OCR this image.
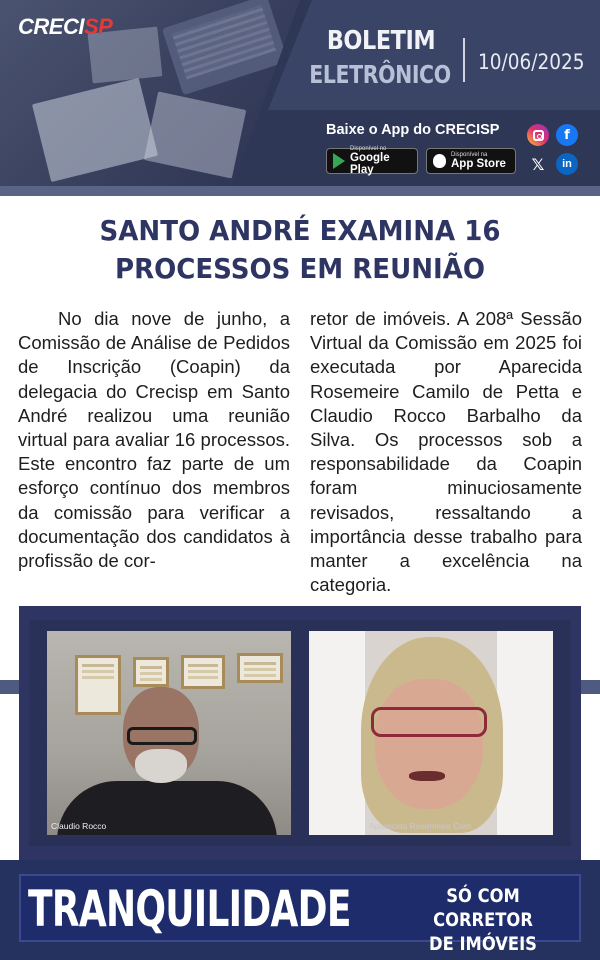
CRECISP	BOLETIM
ELETRÔNICO 10/06/2025
Baixe o App do CRECISP
Disponível no
Google Play
Disponível na
App Store
f
𝕏	in
SANTO ANDRÉ EXAMINA 16
PROCESSOS EM REUNIÃO
No dia nove de junho, a Comissão de Análise de Pedidos de Inscrição (Coapin) da delegacia do Crecisp em Santo André realizou uma reunião virtual para avaliar 16 processos. Este encontro faz parte de um esforço contínuo dos membros da comissão para verificar a documentação dos candidatos à profissão de cor-
retor de imóveis. A 208ª Sessão Virtual da Comissão em 2025 foi executada por Aparecida Rosemeire Camilo de Petta e Claudio Rocco Barbalho da Silva. Os processos sob a responsabilidade da Coapin foram minuciosamente revisados, ressaltando a importância desse trabalho para manter a excelência na categoria.
Claudio Rocco	Aparecida Rosemeire Cam
TRANQUILIDADE	SÓ COM CORRETOR
DE IMÓVEIS
